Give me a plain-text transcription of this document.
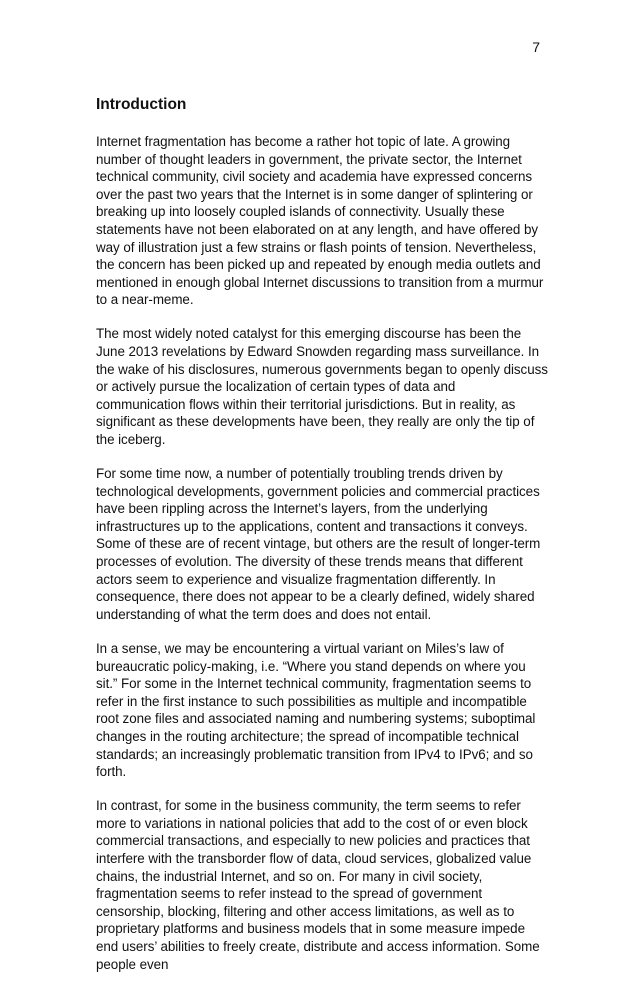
7
Introduction

Internet fragmentation has become a rather hot topic of late. A growing number of thought leaders in government, the private sector, the Internet technical community, civil society and academia have expressed concerns over the past two years that the Internet is in some danger of splintering or breaking up into loosely coupled islands of connectivity. Usually these statements have not been elaborated on at any length, and have offered by way of illustration just a few strains or flash points of tension. Nevertheless, the concern has been picked up and repeated by enough media outlets and mentioned in enough global Internet discussions to transition from a murmur to a near-meme.

The most widely noted catalyst for this emerging discourse has been the June 2013 revelations by Edward Snowden regarding mass surveillance. In the wake of his disclosures, numerous governments began to openly discuss or actively pursue the localization of certain types of data and communication flows within their territorial jurisdictions. But in reality, as significant as these developments have been, they really are only the tip of the iceberg.

For some time now, a number of potentially troubling trends driven by technological developments, government policies and commercial practices have been rippling across the Internet’s layers, from the underlying infrastructures up to the applications, content and transactions it conveys. Some of these are of recent vintage, but others are the result of longer-term processes of evolution. The diversity of these trends means that different actors seem to experience and visualize fragmentation differently. In consequence, there does not appear to be a clearly defined, widely shared understanding of what the term does and does not entail.

In a sense, we may be encountering a virtual variant on Miles’s law of bureaucratic policy-making, i.e. “Where you stand depends on where you sit.” For some in the Internet technical community, fragmentation seems to refer in the first instance to such possibilities as multiple and incompatible root zone files and associated naming and numbering systems; suboptimal changes in the routing architecture; the spread of incompatible technical standards; an increasingly problematic transition from IPv4 to IPv6; and so forth.

In contrast, for some in the business community, the term seems to refer more to variations in national policies that add to the cost of or even block commercial transactions, and especially to new policies and practices that interfere with the transborder flow of data, cloud services, globalized value chains, the industrial Internet, and so on. For many in civil society, fragmentation seems to refer instead to the spread of government censorship, blocking, filtering and other access limitations, as well as to proprietary platforms and business models that in some measure impede end users’ abilities to freely create, distribute and access information. Some people even
